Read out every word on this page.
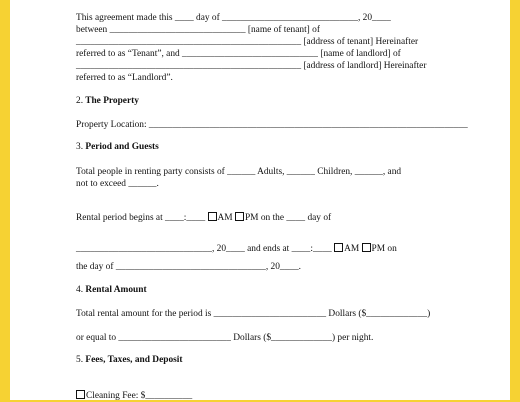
This agreement made this ____ day of _____________________________, 20____
between _____________________________ [name of tenant] of
________________________________________________ [address of tenant] Hereinafter
referred to as “Tenant”, and _____________________________ [name of landlord] of
________________________________________________ [address of landlord] Hereinafter
referred to as “Landlord”.
2. The Property
Property Location: ____________________________________________________________________
3. Period and Guests
Total people in renting party consists of ______ Adults, ______ Children, ______, and
not to exceed ______.
Rental period begins at ____:____ AM PM on the ____ day of
_____________________________, 20____ and ends at ____:____ AM PM on
the day of ________________________________, 20____.
4. Rental Amount
Total rental amount for the period is ________________________ Dollars ($_____________)
or equal to ________________________ Dollars ($_____________) per night.
5. Fees, Taxes, and Deposit
Cleaning Fee: $__________
